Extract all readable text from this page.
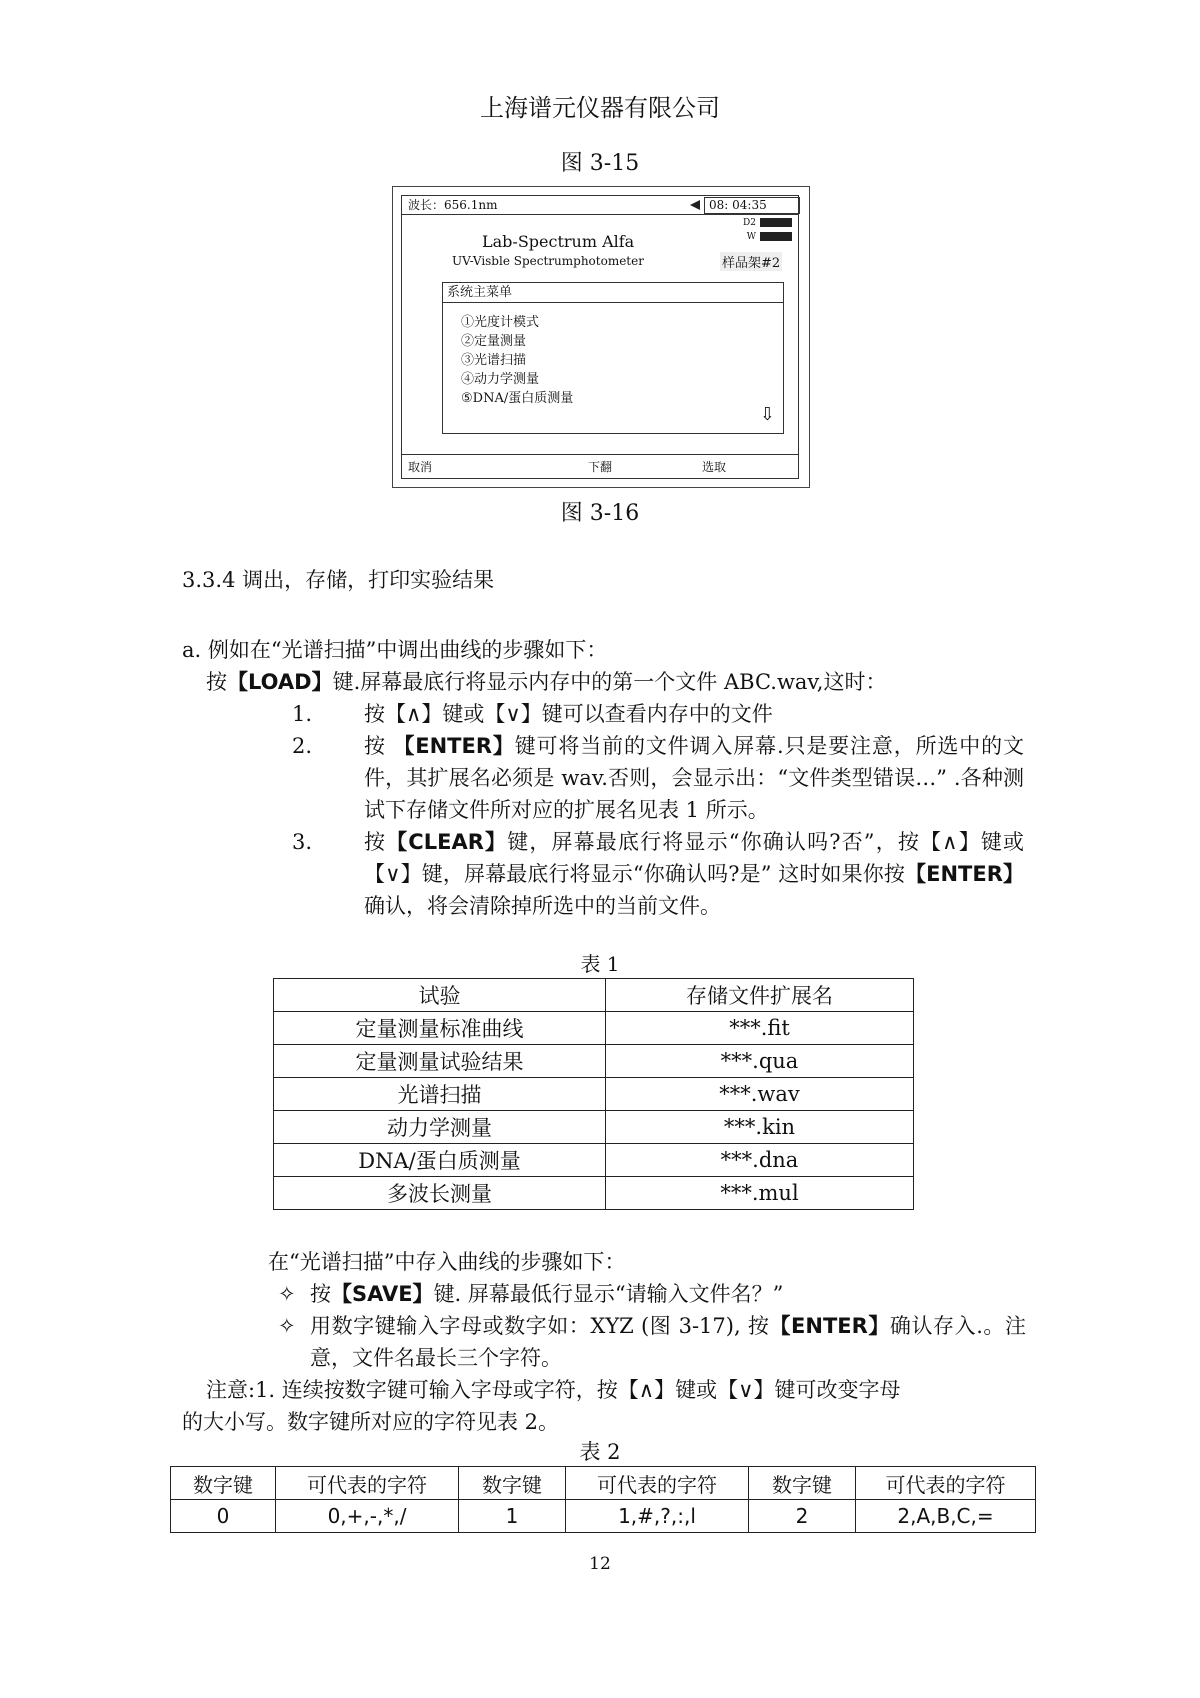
上海谱元仪器有限公司
图 3-15
波长：656.1nm	08: 04:35
D2
W
Lab-Spectrum Alfa
UV-Visble Spectrumphotometer	样品架#2
系统主菜单
①光度计模式
②定量测量
③光谱扫描
④动力学测量
⑤DNA/蛋白质测量
⇩
取消	下翻	选取
图 3-16
3.3.4 调出，存储，打印实验结果
a. 例如在“光谱扫描”中调出曲线的步骤如下：
按【LOAD】键.屏幕最底行将显示内存中的第一个文件 ABC.wav,这时：
1. 按【∧】键或【∨】键可以查看内存中的文件
2. 按 【ENTER】键可将当前的文件调入屏幕.只是要注意，所选中的文件，其扩展名必须是 wav.否则，会显示出：“文件类型错误…” .各种测试下存储文件所对应的扩展名见表 1 所示。
3. 按【CLEAR】键，屏幕最底行将显示“你确认吗?否”，按【∧】键或【∨】键，屏幕最底行将显示“你确认吗?是” 这时如果你按【ENTER】确认，将会清除掉所选中的当前文件。
表 1
试验	存储文件扩展名
定量测量标准曲线	***.fit
定量测量试验结果	***.qua
光谱扫描	***.wav
动力学测量	***.kin
DNA/蛋白质测量	***.dna
多波长测量	***.mul
在“光谱扫描”中存入曲线的步骤如下：
✧ 按【SAVE】键. 屏幕最低行显示“请输入文件名？”
✧ 用数字键输入字母或数字如：XYZ (图 3-17), 按【ENTER】确认存入.。注意，文件名最长三个字符。
注意:1. 连续按数字键可输入字母或字符，按【∧】键或【∨】键可改变字母
的大小写。数字键所对应的字符见表 2。
表 2
数字键	可代表的字符	数字键	可代表的字符	数字键	可代表的字符
0	0,+,-,*,/	1	1,#,?,:,l	2	2,A,B,C,=
12
